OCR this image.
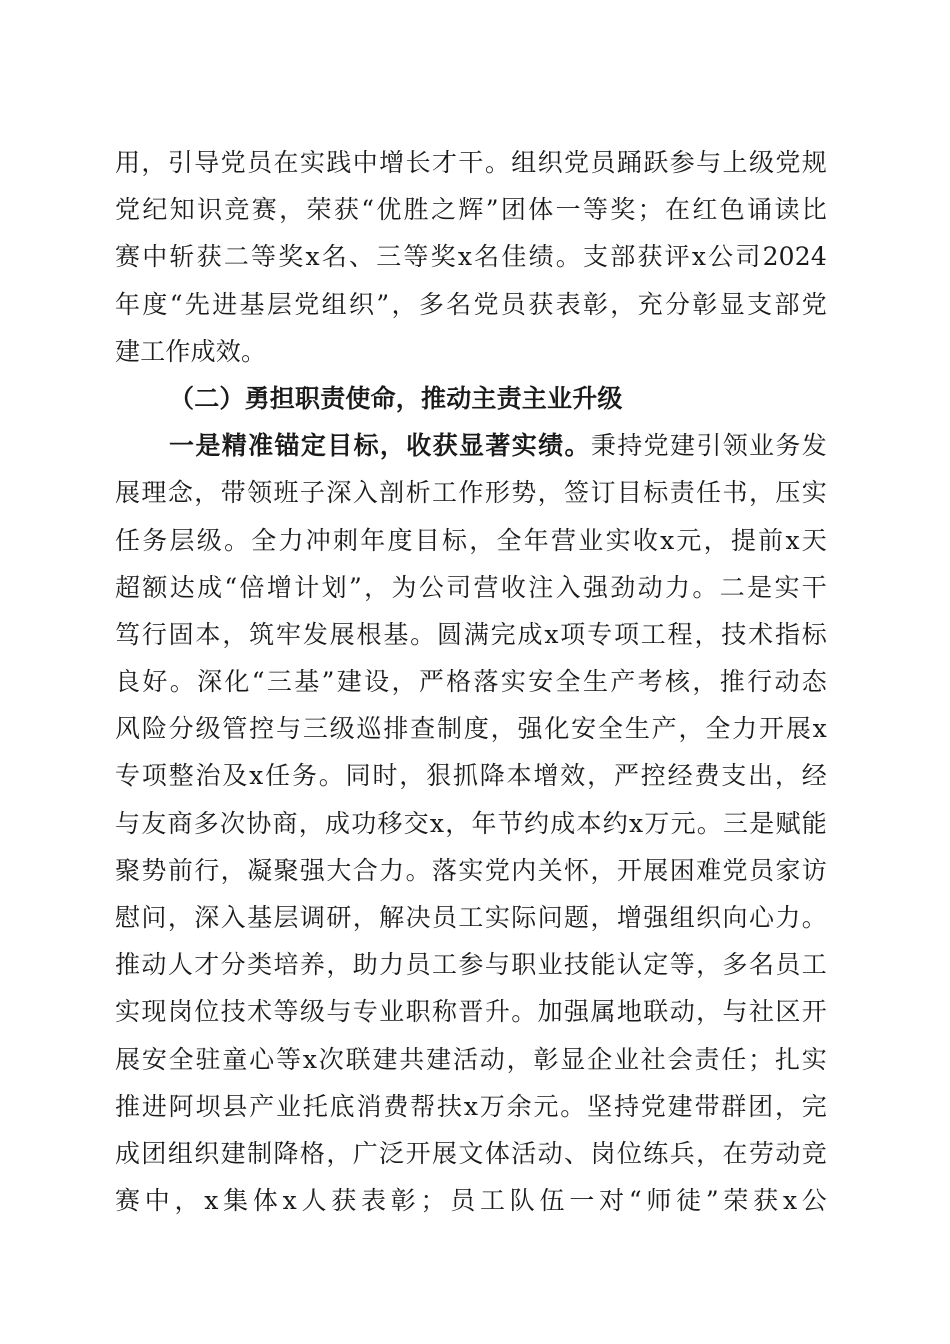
用，引导党员在实践中增长才干。组织党员踊跃参与上级党规
党纪知识竞赛，荣获“优胜之辉”团体一等奖；在红色诵读比
赛中斩获二等奖x名、三等奖x名佳绩。支部获评x公司2024
年度“先进基层党组织”，多名党员获表彰，充分彰显支部党
建工作成效。
（二）勇担职责使命，推动主责主业升级
一是精准锚定目标，收获显著实绩。秉持党建引领业务发
展理念，带领班子深入剖析工作形势，签订目标责任书，压实
任务层级。全力冲刺年度目标，全年营业实收x元，提前x天
超额达成“倍增计划”，为公司营收注入强劲动力。二是实干
笃行固本，筑牢发展根基。圆满完成x项专项工程，技术指标
良好。深化“三基”建设，严格落实安全生产考核，推行动态
风险分级管控与三级巡排查制度，强化安全生产，全力开展x
专项整治及x任务。同时，狠抓降本增效，严控经费支出，经
与友商多次协商，成功移交x，年节约成本约x万元。三是赋能
聚势前行，凝聚强大合力。落实党内关怀，开展困难党员家访
慰问，深入基层调研，解决员工实际问题，增强组织向心力。
推动人才分类培养，助力员工参与职业技能认定等，多名员工
实现岗位技术等级与专业职称晋升。加强属地联动，与社区开
展安全驻童心等x次联建共建活动，彰显企业社会责任；扎实
推进阿坝县产业托底消费帮扶x万余元。坚持党建带群团，完
成团组织建制降格，广泛开展文体活动、岗位练兵，在劳动竞
赛中，x集体x人获表彰；员工队伍一对“师徒”荣获x公
